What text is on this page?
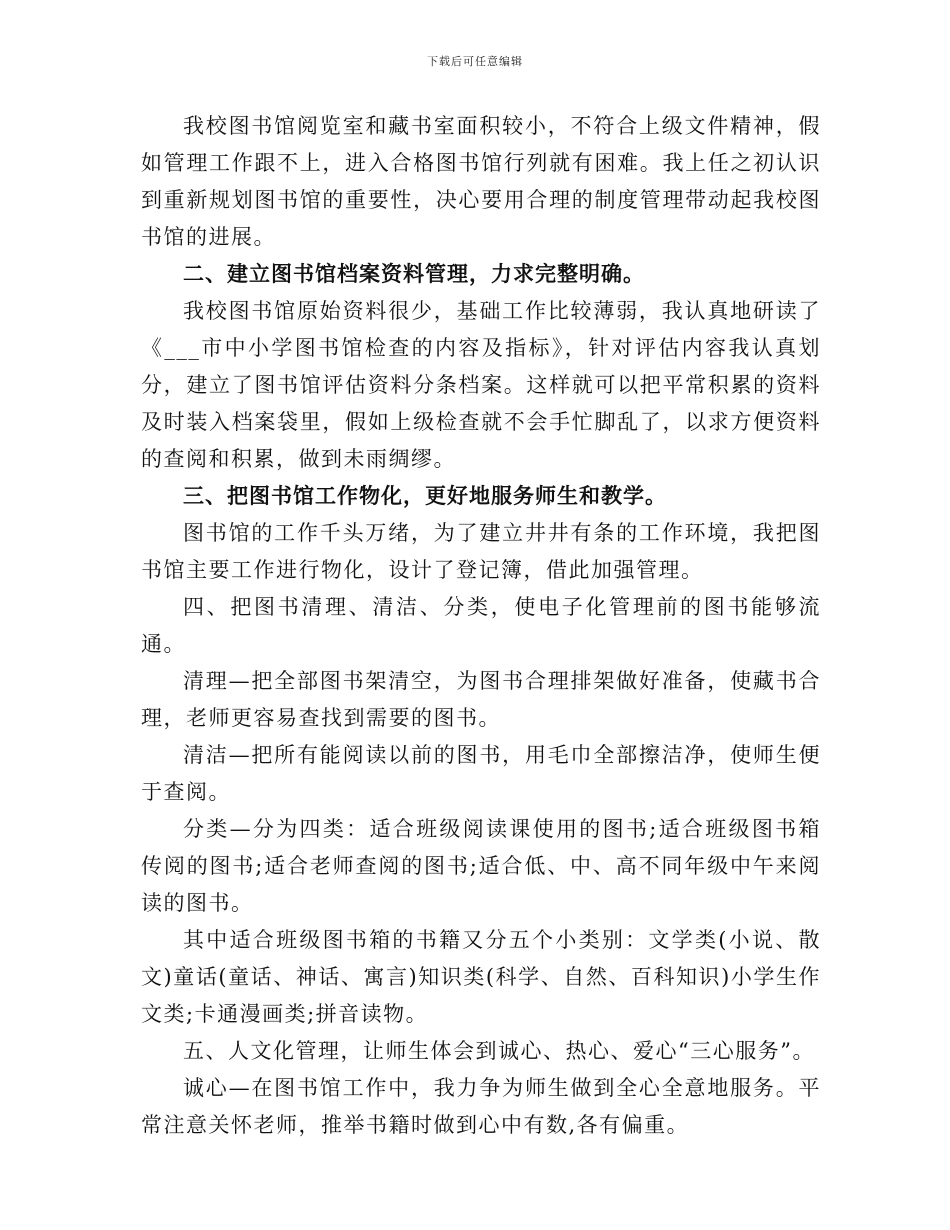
下载后可任意编辑

我校图书馆阅览室和藏书室面积较小，不符合上级文件精神，假如管理工作跟不上，进入合格图书馆行列就有困难。我上任之初认识到重新规划图书馆的重要性，决心要用合理的制度管理带动起我校图书馆的进展。

二、建立图书馆档案资料管理，力求完整明确。

我校图书馆原始资料很少，基础工作比较薄弱，我认真地研读了《___市中小学图书馆检查的内容及指标》，针对评估内容我认真划分，建立了图书馆评估资料分条档案。这样就可以把平常积累的资料及时装入档案袋里，假如上级检查就不会手忙脚乱了，以求方便资料的查阅和积累，做到未雨绸缪。

三、把图书馆工作物化，更好地服务师生和教学。

图书馆的工作千头万绪，为了建立井井有条的工作环境，我把图书馆主要工作进行物化，设计了登记簿，借此加强管理。

四、把图书清理、清洁、分类，使电子化管理前的图书能够流通。

清理—把全部图书架清空，为图书合理排架做好准备，使藏书合理，老师更容易查找到需要的图书。

清洁—把所有能阅读以前的图书，用毛巾全部擦洁净，使师生便于查阅。

分类—分为四类：适合班级阅读课使用的图书;适合班级图书箱传阅的图书;适合老师查阅的图书;适合低、中、高不同年级中午来阅读的图书。

其中适合班级图书箱的书籍又分五个小类别：文学类(小说、散文)童话(童话、神话、寓言)知识类(科学、自然、百科知识)小学生作文类;卡通漫画类;拼音读物。

五、人文化管理，让师生体会到诚心、热心、爱心“三心服务”。

诚心—在图书馆工作中，我力争为师生做到全心全意地服务。平常注意关怀老师，推举书籍时做到心中有数,各有偏重。
